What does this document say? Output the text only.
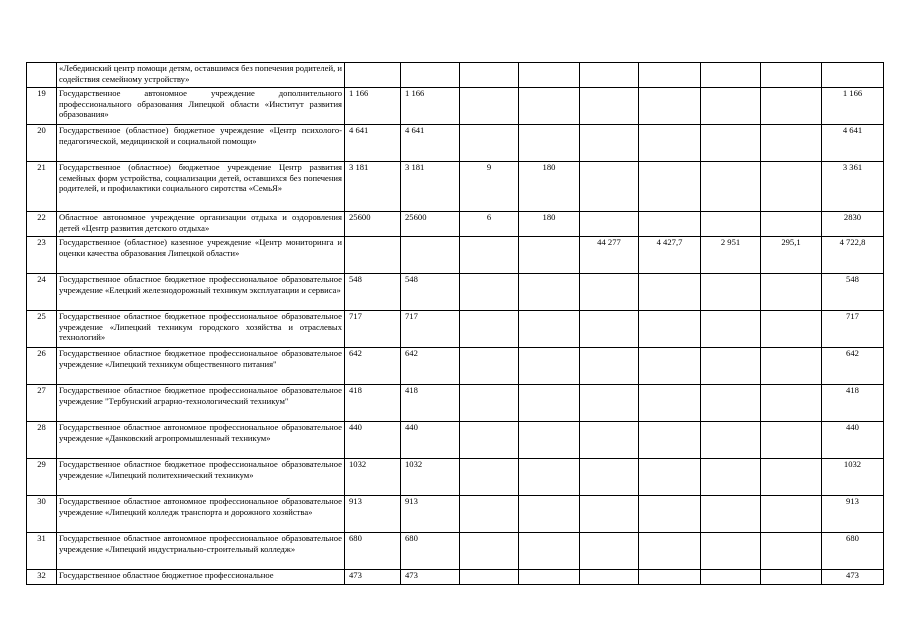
	«Лебединский центр помощи детям, оставшимся без попечения родителей, и содействия семейному устройству»									
19	Государственное автономное учреждение дополнительного профессионального образования Липецкой области «Институт развития образования»	1 166	1 166							1 166
20	Государственное (областное) бюджетное учреждение «Центр психолого-педагогической, медицинской и социальной помощи»	4 641	4 641							4 641
21	Государственное (областное) бюджетное учреждение Центр развития семейных форм устройства, социализации детей, оставшихся без попечения родителей, и профилактики социального сиротства «СемьЯ»	3 181	3 181	9	180					3 361
22	Областное автономное учреждение организации отдыха и оздоровления детей «Центр развития детского отдыха»	25600	25600	6	180					2830
23	Государственное (областное) казенное учреждение «Центр мониторинга и оценки качества образования Липецкой области»					44 277	4 427,7	2 951	295,1	4 722,8
24	Государственное областное бюджетное профессиональное образовательное учреждение «Елецкий железнодорожный техникум эксплуатации и сервиса»	548	548							548
25	Государственное областное бюджетное профессиональное образовательное учреждение «Липецкий техникум городского хозяйства и отраслевых технологий»	717	717							717
26	Государственное областное бюджетное профессиональное образовательное учреждение «Липецкий техникум общественного питания"	642	642							642
27	Государственное областное бюджетное профессиональное образовательное учреждение "Тербунский аграрно-технологический техникум"	418	418							418
28	Государственное областное автономное профессиональное образовательное учреждение «Данковский агропромышленный техникум»	440	440							440
29	Государственное областное бюджетное профессиональное образовательное учреждение «Липецкий политехнический техникум»	1032	1032							1032
30	Государственное областное автономное профессиональное образовательное учреждение «Липецкий колледж транспорта и дорожного хозяйства»	913	913							913
31	Государственное областное автономное профессиональное образовательное учреждение «Липецкий индустриально-строительный колледж»	680	680							680
32	Государственное областное бюджетное профессиональное	473	473							473
